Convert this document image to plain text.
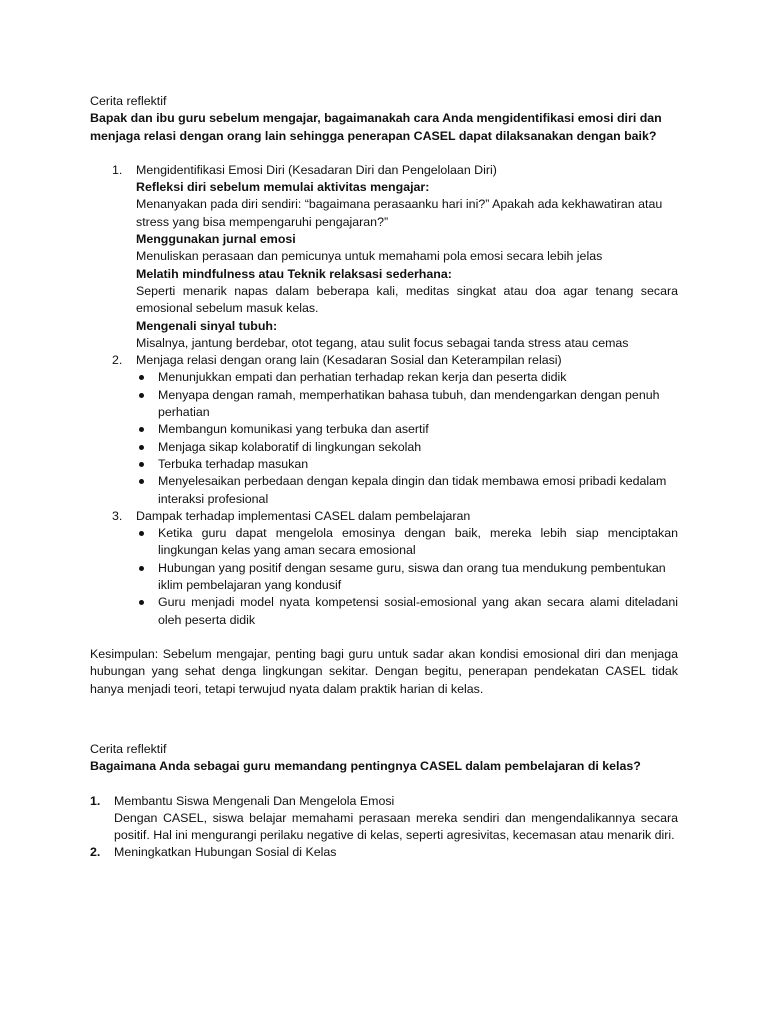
Cerita reflektif

Bapak dan ibu guru sebelum mengajar, bagaimanakah cara Anda mengidentifikasi emosi diri dan menjaga relasi dengan orang lain sehingga penerapan CASEL dapat dilaksanakan dengan baik?

1. Mengidentifikasi Emosi Diri (Kesadaran Diri dan Pengelolaan Diri)

Refleksi diri sebelum memulai aktivitas mengajar:

Menanyakan pada diri sendiri: “bagaimana perasaanku hari ini?” Apakah ada kekhawatiran atau stress yang bisa mempengaruhi pengajaran?”

Menggunakan jurnal emosi

Menuliskan perasaan dan pemicunya untuk memahami pola emosi secara lebih jelas

Melatih mindfulness atau Teknik relaksasi sederhana:

Seperti menarik napas dalam beberapa kali, meditas singkat atau doa agar tenang secara emosional sebelum masuk kelas.

Mengenali sinyal tubuh:

Misalnya, jantung berdebar, otot tegang, atau sulit focus sebagai tanda stress atau cemas

2. Menjaga relasi dengan orang lain (Kesadaran Sosial dan Keterampilan relasi)

Menunjukkan empati dan perhatian terhadap rekan kerja dan peserta didik
Menyapa dengan ramah, memperhatikan bahasa tubuh, dan mendengarkan dengan penuh perhatian
Membangun komunikasi yang terbuka dan asertif
Menjaga sikap kolaboratif di lingkungan sekolah
Terbuka terhadap masukan
Menyelesaikan perbedaan dengan kepala dingin dan tidak membawa emosi pribadi kedalam interaksi profesional
3. Dampak terhadap implementasi CASEL dalam pembelajaran

Ketika guru dapat mengelola emosinya dengan baik, mereka lebih siap menciptakan lingkungan kelas yang aman secara emosional
Hubungan yang positif dengan sesame guru, siswa dan orang tua mendukung pembentukan iklim pembelajaran yang kondusif
Guru menjadi model nyata kompetensi sosial-emosional yang akan secara alami diteladani oleh peserta didik

Kesimpulan: Sebelum mengajar, penting bagi guru untuk sadar akan kondisi emosional diri dan menjaga hubungan yang sehat denga lingkungan sekitar. Dengan begitu, penerapan pendekatan CASEL tidak hanya menjadi teori, tetapi terwujud nyata dalam praktik harian di kelas.

Cerita reflektif

Bagaimana Anda sebagai guru memandang pentingnya CASEL dalam pembelajaran di kelas?

1. Membantu Siswa Mengenali Dan Mengelola Emosi

Dengan CASEL, siswa belajar memahami perasaan mereka sendiri dan mengendalikannya secara positif. Hal ini mengurangi perilaku negative di kelas, seperti agresivitas, kecemasan atau menarik diri.

2. Meningkatkan Hubungan Sosial di Kelas
